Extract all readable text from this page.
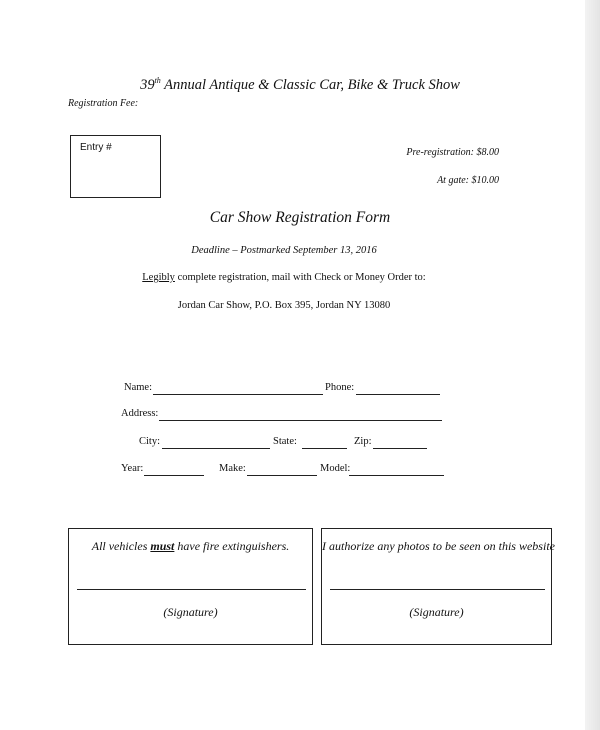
39th Annual Antique & Classic Car, Bike & Truck Show
Registration Fee:
Entry #	Pre-registration: $8.00
At gate: $10.00
Car Show Registration Form
Deadline – Postmarked September 13, 2016
Legibly complete registration, mail with Check or Money Order to:
Jordan Car Show, P.O. Box 395, Jordan NY 13080
Name:	Phone:
Address:
City:	State:	Zip:
Year:	Make:	Model:
All vehicles must have fire extinguishers.
(Signature)
I authorize any photos to be seen on this website
(Signature)
